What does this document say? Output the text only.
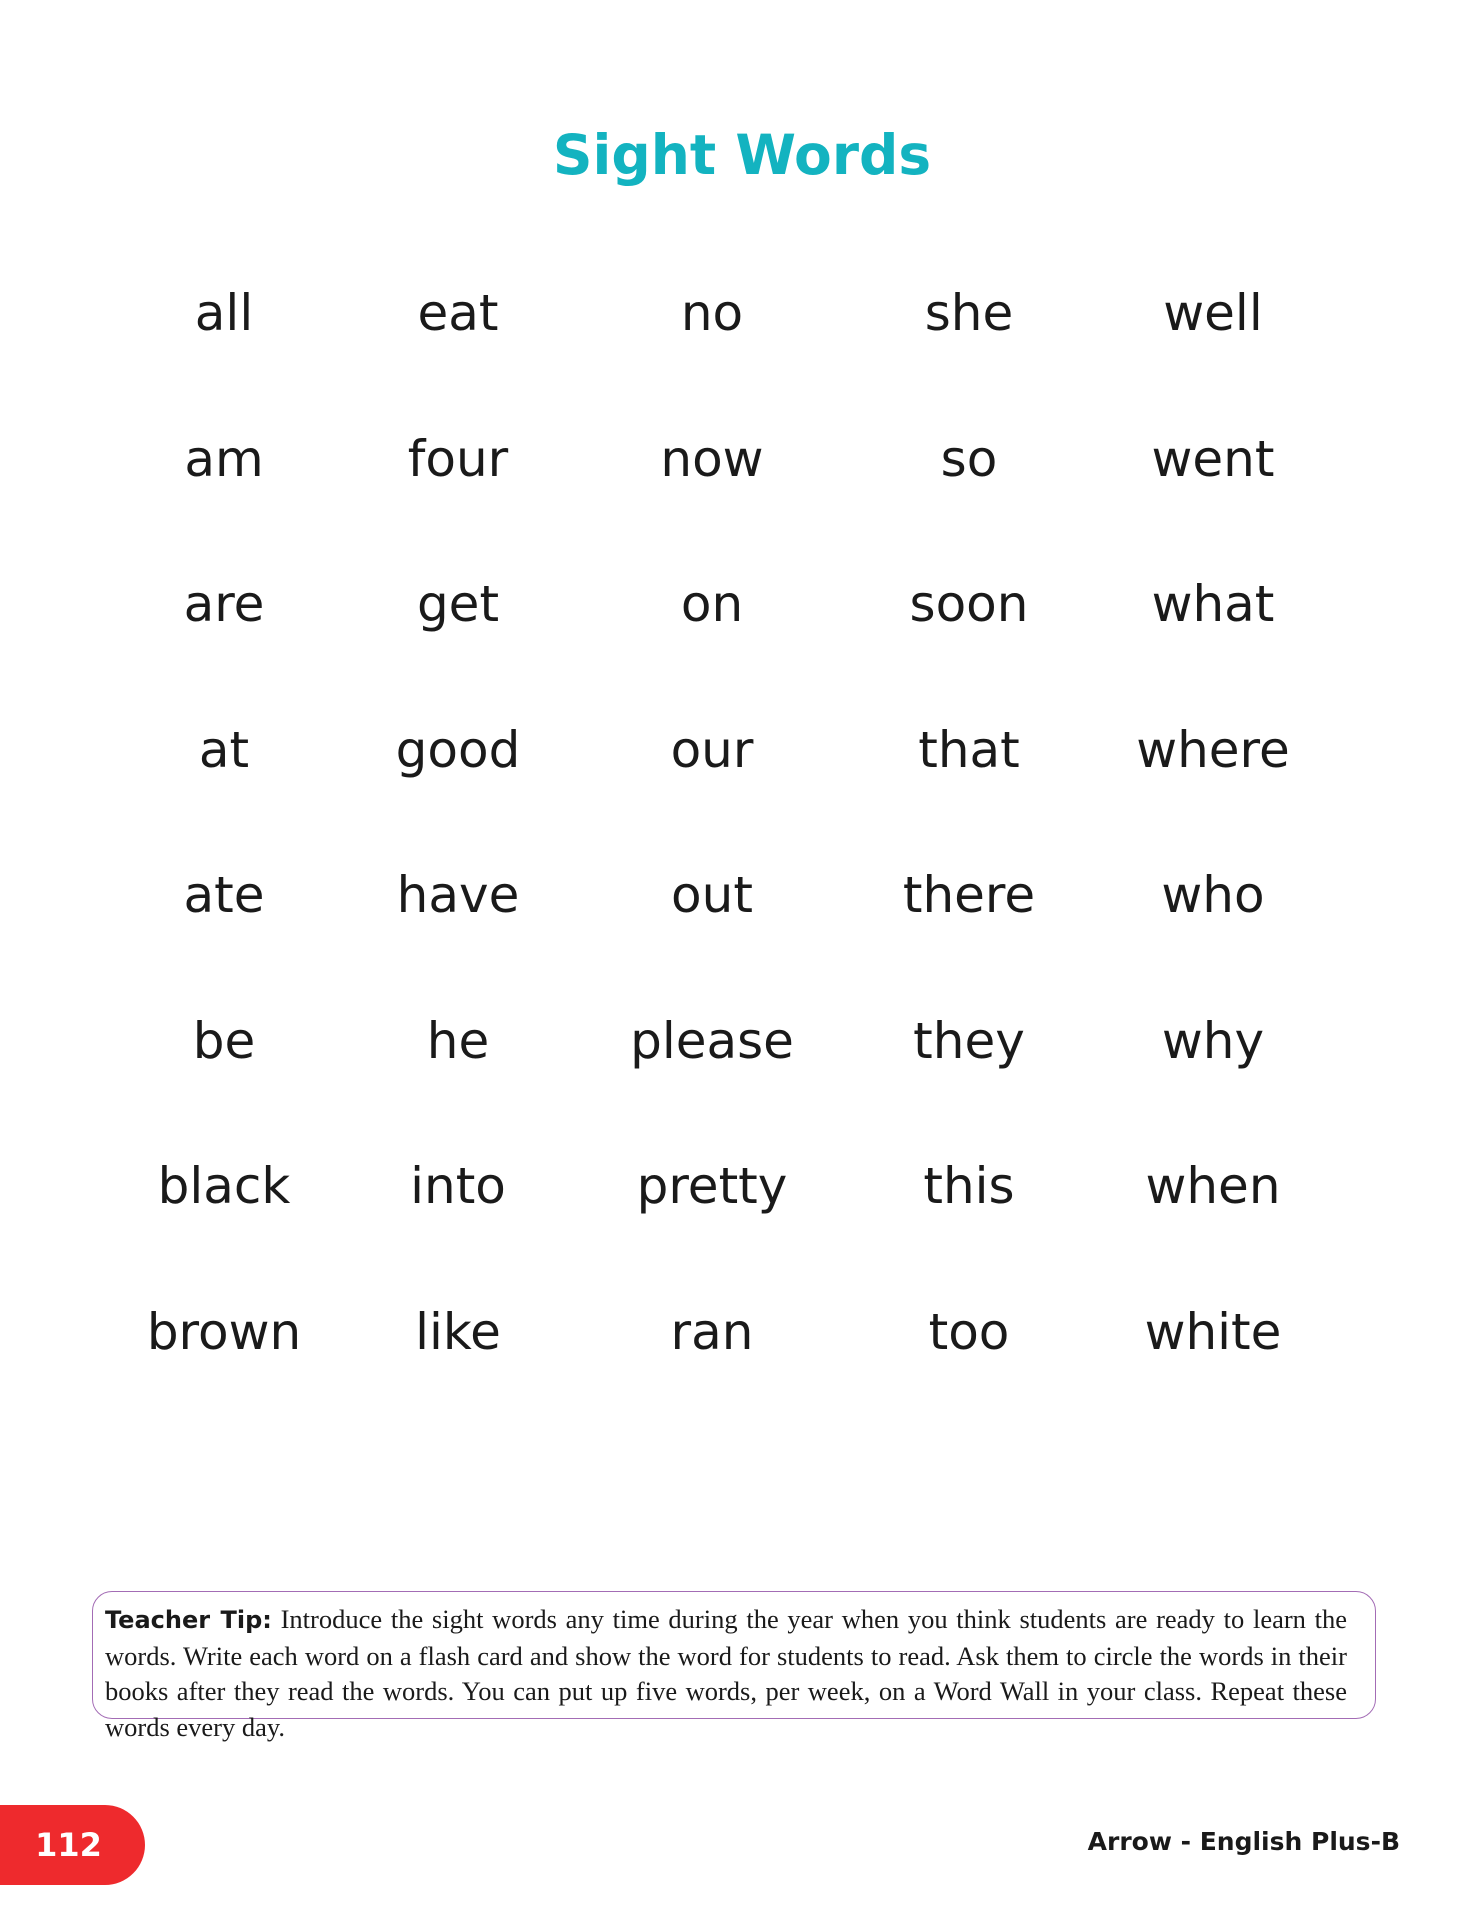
Sight Words
all	eat	no	she	well
am	four	now	so	went
are	get	on	soon	what
at	good	our	that	where
ate	have	out	there	who
be	he	please	they	why
black	into	pretty	this	when
brown	like	ran	too	white
Teacher Tip: Introduce the sight words any time during the year when you think students are ready to learn the words. Write each word on a flash card and show the word for students to read. Ask them to circle the words in their books after they read the words. You can put up five words, per week, on a Word Wall in your class. Repeat these words every day.
112	Arrow - English Plus-B
